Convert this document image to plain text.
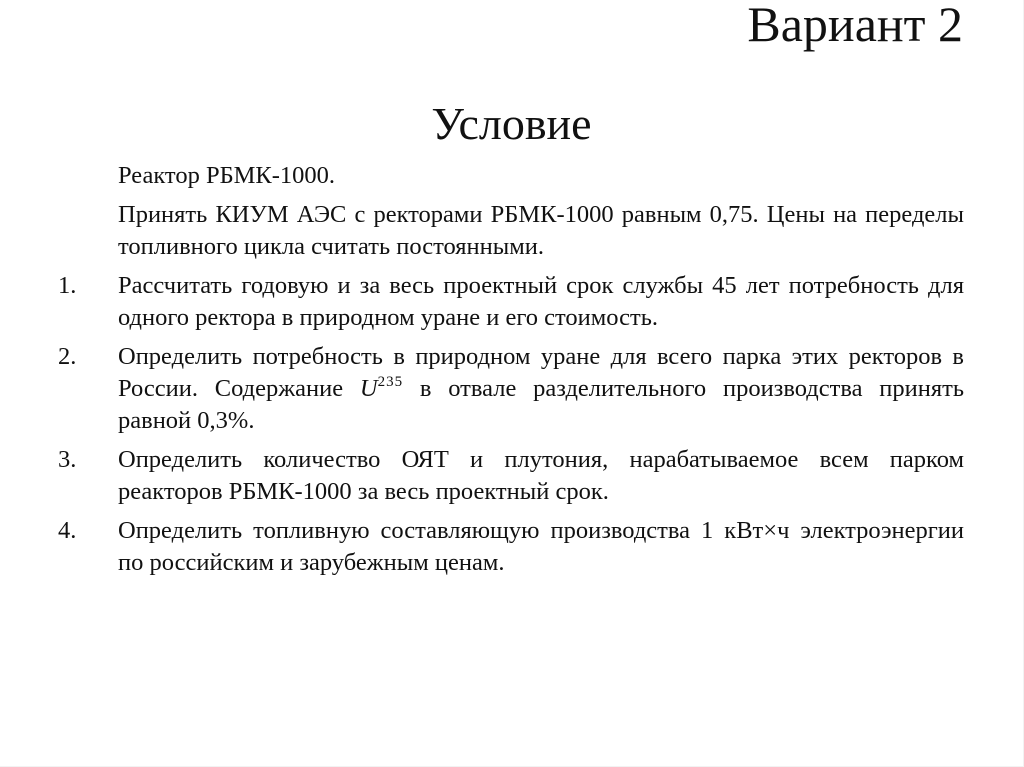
Вариант 2
Условие

Реактор РБМК-1000.

Принять КИУМ АЭС с ректорами РБМК-1000 равным 0,75. Цены на переделы топливного цикла считать постоянными.

1. Рассчитать годовую и за весь проектный срок службы 45 лет потребность для одного ректора в природном уране и его стоимость.
2. Определить потребность в природном уране для всего парка этих ректоров в России. Содержание $U^{235}$ в отвале разделительного производства принять равной 0,3%.
3. Определить количество ОЯТ и плутония, нарабатываемое всем парком реакторов РБМК-1000 за весь проектный срок.
4. Определить топливную составляющую производства 1 кВт×ч электроэнергии по российским и зарубежным ценам.
